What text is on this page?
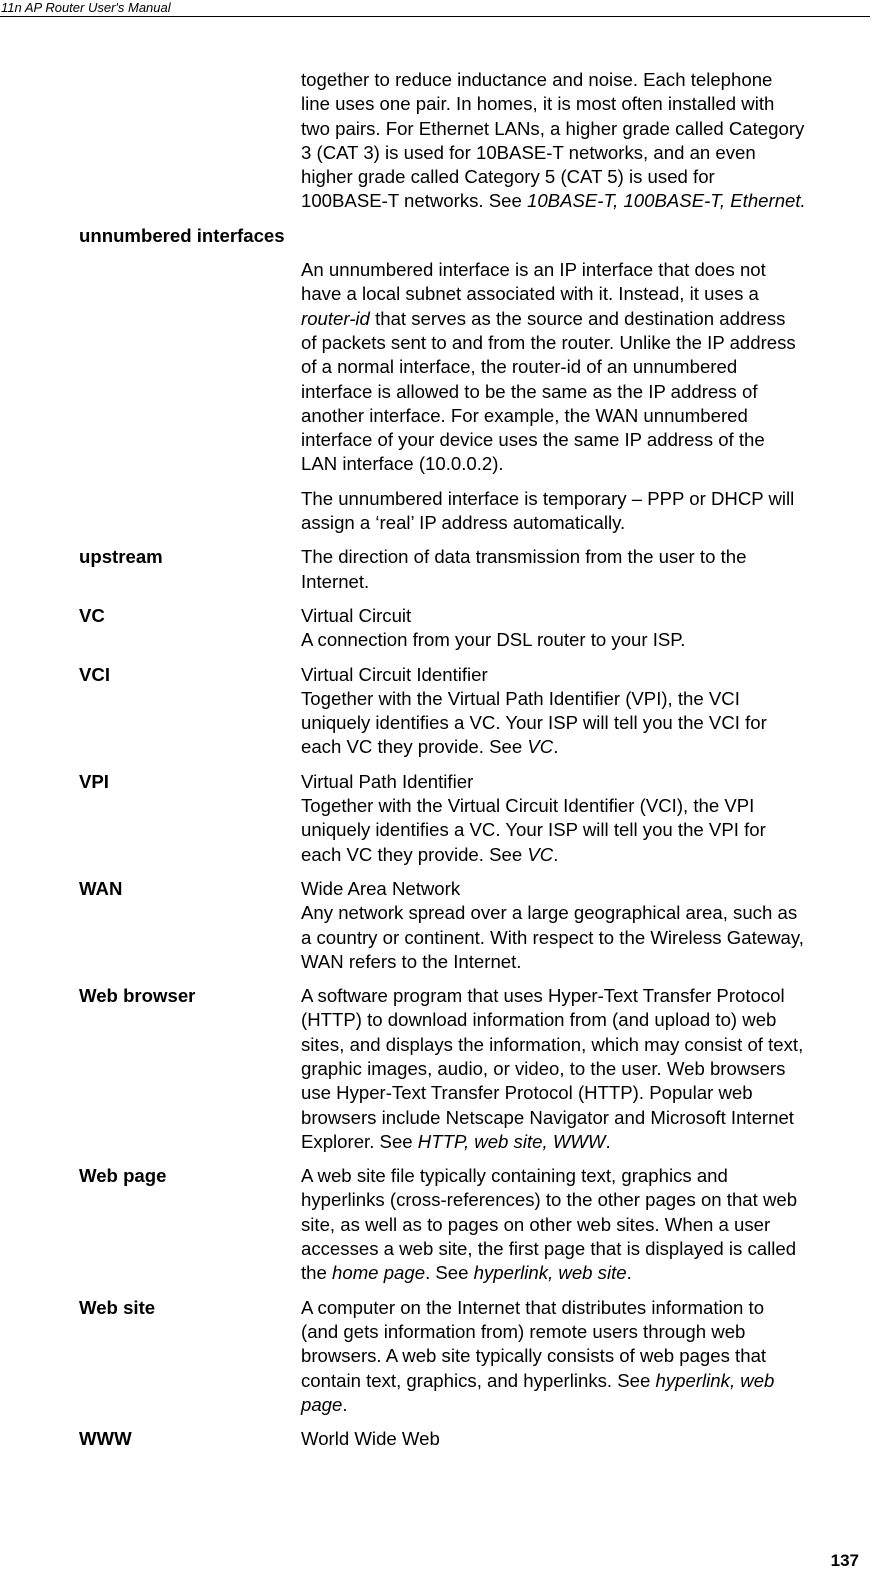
11n AP Router User's Manual
together to reduce inductance and noise. Each telephone
line uses one pair. In homes, it is most often installed with
two pairs. For Ethernet LANs, a higher grade called Category
3 (CAT 3) is used for 10BASE-T networks, and an even
higher grade called Category 5 (CAT 5) is used for
100BASE-T networks. See 10BASE-T, 100BASE-T, Ethernet.
unnumbered interfaces
An unnumbered interface is an IP interface that does not
have a local subnet associated with it. Instead, it uses a
router-id that serves as the source and destination address
of packets sent to and from the router. Unlike the IP address
of a normal interface, the router-id of an unnumbered
interface is allowed to be the same as the IP address of
another interface. For example, the WAN unnumbered
interface of your device uses the same IP address of the
LAN interface (10.0.0.2).
The unnumbered interface is temporary – PPP or DHCP will
assign a ‘real’ IP address automatically.
upstream	The direction of data transmission from the user to the
Internet.
VC	Virtual Circuit
A connection from your DSL router to your ISP.
VCI	Virtual Circuit Identifier
Together with the Virtual Path Identifier (VPI), the VCI
uniquely identifies a VC. Your ISP will tell you the VCI for
each VC they provide. See VC.
VPI	Virtual Path Identifier
Together with the Virtual Circuit Identifier (VCI), the VPI
uniquely identifies a VC. Your ISP will tell you the VPI for
each VC they provide. See VC.
WAN	Wide Area Network
Any network spread over a large geographical area, such as
a country or continent. With respect to the Wireless Gateway,
WAN refers to the Internet.
Web browser	A software program that uses Hyper-Text Transfer Protocol
(HTTP) to download information from (and upload to) web
sites, and displays the information, which may consist of text,
graphic images, audio, or video, to the user. Web browsers
use Hyper-Text Transfer Protocol (HTTP). Popular web
browsers include Netscape Navigator and Microsoft Internet
Explorer. See HTTP, web site, WWW.
Web page	A web site file typically containing text, graphics and
hyperlinks (cross-references) to the other pages on that web
site, as well as to pages on other web sites. When a user
accesses a web site, the first page that is displayed is called
the home page. See hyperlink, web site.
Web site	A computer on the Internet that distributes information to
(and gets information from) remote users through web
browsers. A web site typically consists of web pages that
contain text, graphics, and hyperlinks. See hyperlink, web
page.
WWW	World Wide Web
137
